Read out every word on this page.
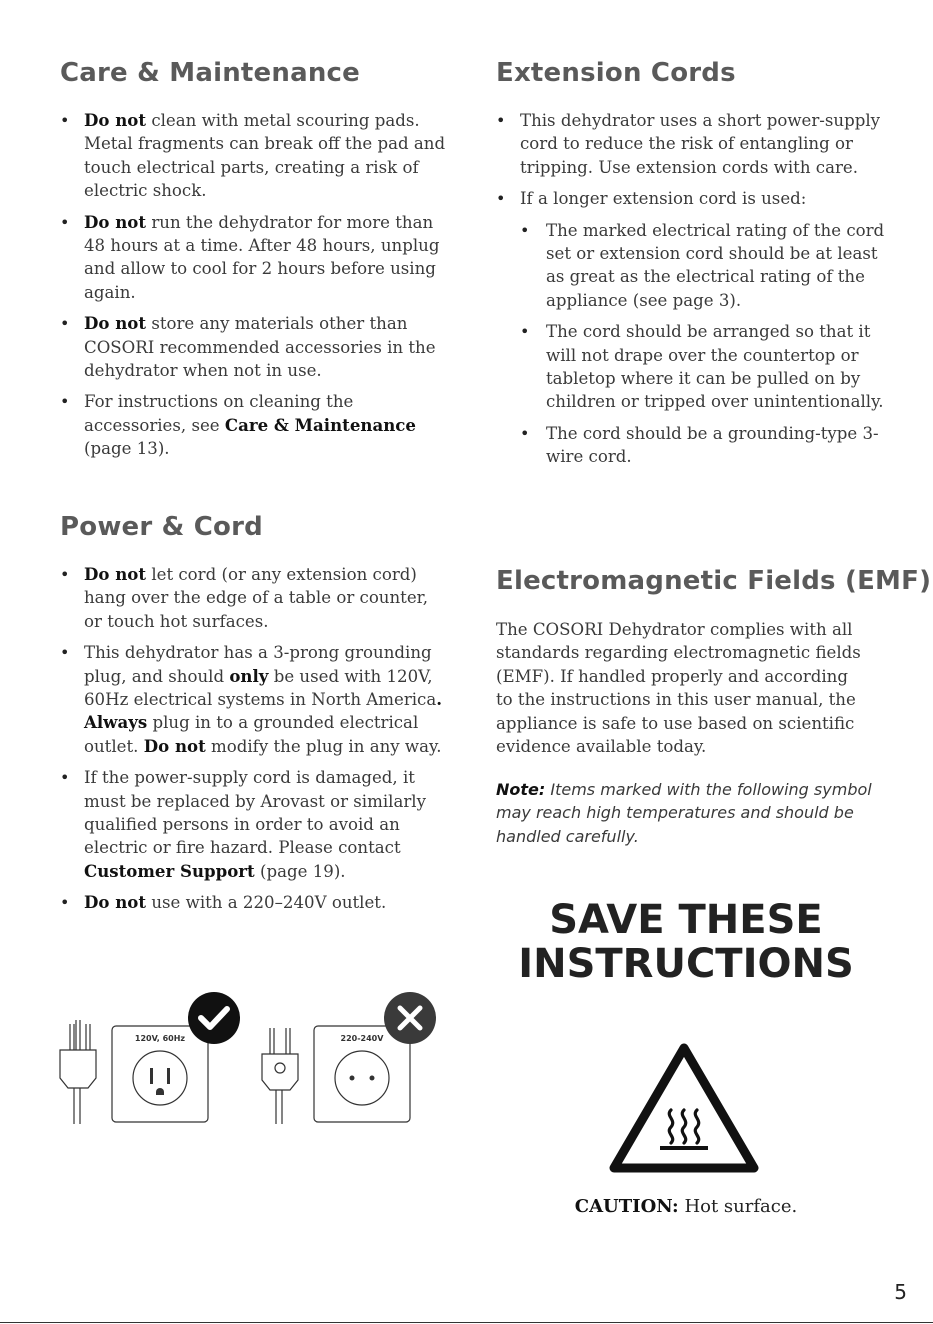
Care & Maintenance
• Do not clean with metal scouring pads. Metal fragments can break off the pad and touch electrical parts, creating a risk of electric shock.
• Do not run the dehydrator for more than 48 hours at a time. After 48 hours, unplug and allow to cool for 2 hours before using again.
• Do not store any materials other than COSORI recommended accessories in the dehydrator when not in use.
• For instructions on cleaning the accessories, see Care & Maintenance (page 13).
Power & Cord
• Do not let cord (or any extension cord) hang over the edge of a table or counter, or touch hot surfaces.
• This dehydrator has a 3-prong grounding plug, and should only be used with 120V, 60Hz electrical systems in North America. Always plug in to a grounded electrical outlet. Do not modify the plug in any way.
• If the power-supply cord is damaged, it must be replaced by Arovast or similarly qualified persons in order to avoid an electric or fire hazard. Please contact Customer Support (page 19).
• Do not use with a 220–240V outlet.
120V, 60Hz	220-240V
Extension Cords
• This dehydrator uses a short power-supply cord to reduce the risk of entangling or tripping. Use extension cords with care.
• If a longer extension cord is used:
• The marked electrical rating of the cord set or extension cord should be at least as great as the electrical rating of the appliance (see page 3).
• The cord should be arranged so that it will not drape over the countertop or tabletop where it can be pulled on by children or tripped over unintentionally.
• The cord should be a grounding-type 3-wire cord.
Electromagnetic Fields (EMF)

The COSORI Dehydrator complies with all standards regarding electromagnetic fields (EMF). If handled properly and according to the instructions in this user manual, the appliance is safe to use based on scientific evidence available today.

Note: Items marked with the following symbol may reach high temperatures and should be handled carefully.

SAVE THESE
INSTRUCTIONS
CAUTION: Hot surface.
5
